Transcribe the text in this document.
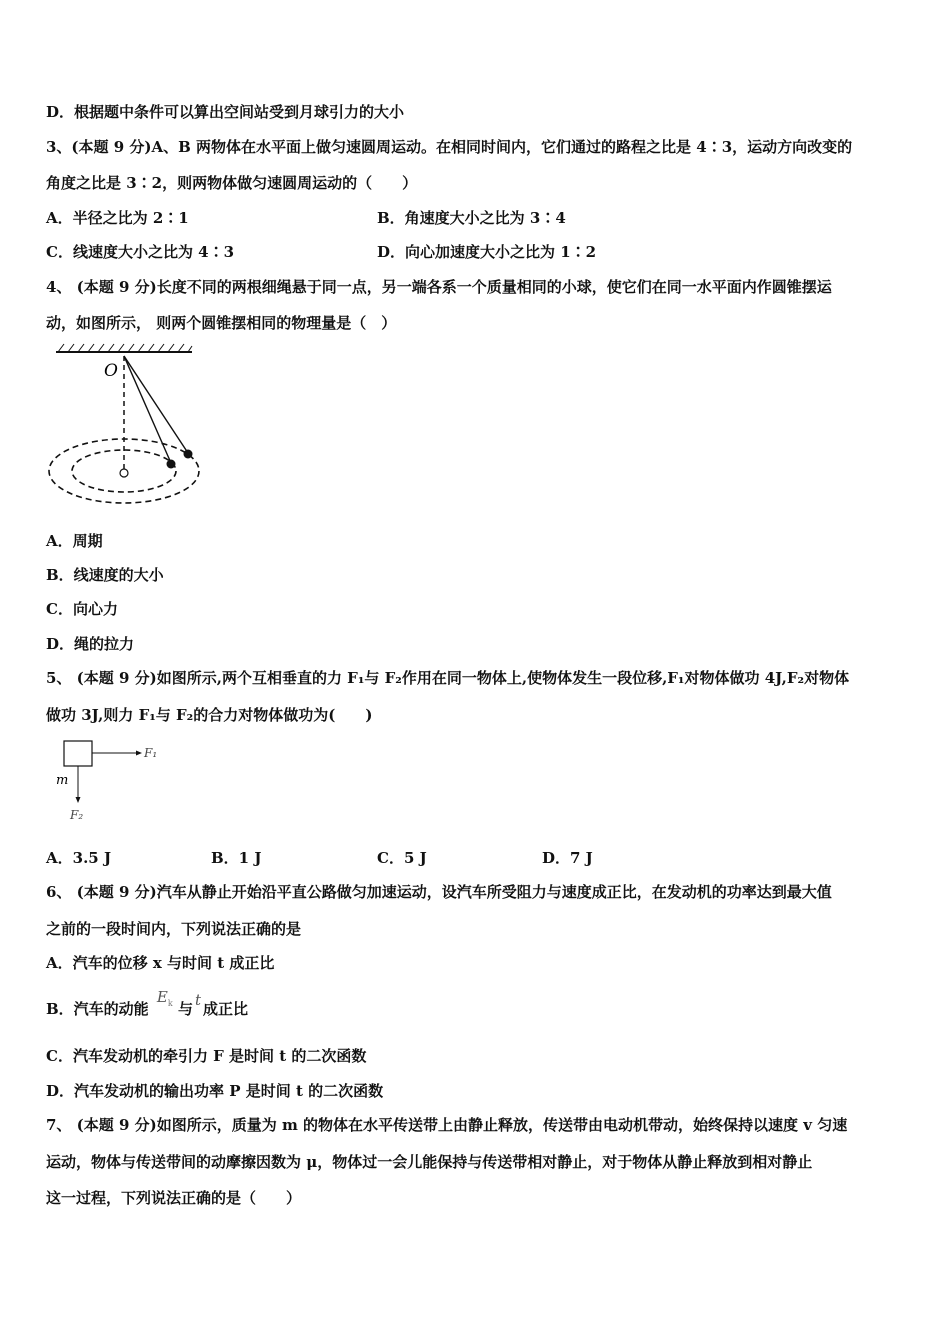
D．根据题中条件可以算出空间站受到月球引力的大小
3、(本题 9 分)A、B 两物体在水平面上做匀速圆周运动。在相同时间内，它们通过的路程之比是 4∶3，运动方向改变的
角度之比是 3∶2，则两物体做匀速圆周运动的（　　）
A．半径之比为 2∶1	B．角速度大小之比为 3∶4
C．线速度大小之比为 4∶3	D．向心加速度大小之比为 1∶2
4、 (本题 9 分)长度不同的两根细绳悬于同一点，另一端各系一个质量相同的小球，使它们在同一水平面内作圆锥摆运
动，如图所示， 则两个圆锥摆相同的物理量是（　）
O
A．周期
B．线速度的大小
C．向心力
D．绳的拉力
5、 (本题 9 分)如图所示,两个互相垂直的力 F₁与 F₂作用在同一物体上,使物体发生一段位移,F₁对物体做功 4J,F₂对物体
做功 3J,则力 F₁与 F₂的合力对物体做功为(　　)
F₁
F₂
m
A．3.5 J	B．1 J	C．5 J	D．7 J
6、 (本题 9 分)汽车从静止开始沿平直公路做匀加速运动，设汽车所受阻力与速度成正比，在发动机的功率达到最大值
之前的一段时间内，下列说法正确的是
A．汽车的位移 x 与时间 t 成正比
B．汽车的动能 $E^k$ 与 t 成正比
C．汽车发动机的牵引力 F 是时间 t 的二次函数
D．汽车发动机的输出功率 P 是时间 t 的二次函数
7、 (本题 9 分)如图所示，质量为 m 的物体在水平传送带上由静止释放，传送带由电动机带动，始终保持以速度 v 匀速
运动，物体与传送带间的动摩擦因数为 μ，物体过一会儿能保持与传送带相对静止，对于物体从静止释放到相对静止
这一过程，下列说法正确的是（　　）
